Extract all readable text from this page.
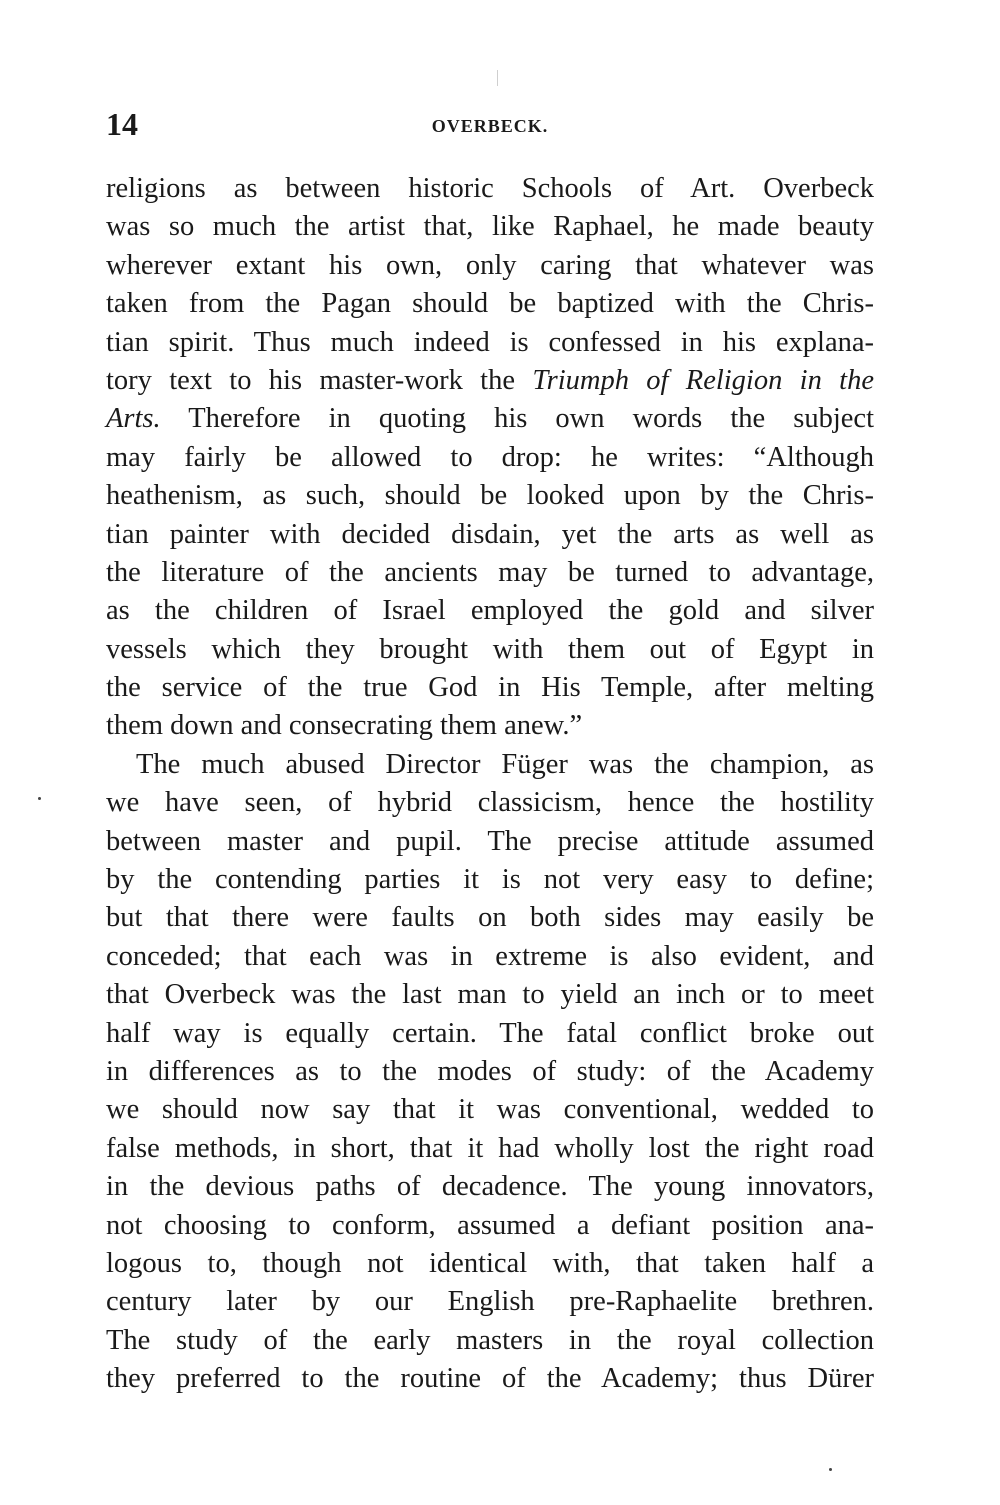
14	OVERBECK.
religions as between historic Schools of Art. Overbeck
was so much the artist that, like Raphael, he made beauty
wherever extant his own, only caring that whatever was
taken from the Pagan should be baptized with the Chris-
tian spirit. Thus much indeed is confessed in his explana-
tory text to his master-work the Triumph of Religion in the
Arts. Therefore in quoting his own words the subject
may fairly be allowed to drop: he writes: “Although
heathenism, as such, should be looked upon by the Chris-
tian painter with decided disdain, yet the arts as well as
the literature of the ancients may be turned to advantage,
as the children of Israel employed the gold and silver
vessels which they brought with them out of Egypt in
the service of the true God in His Temple, after melting
them down and consecrating them anew.”
The much abused Director Füger was the champion, as
we have seen, of hybrid classicism, hence the hostility
between master and pupil. The precise attitude assumed
by the contending parties it is not very easy to define;
but that there were faults on both sides may easily be
conceded; that each was in extreme is also evident, and
that Overbeck was the last man to yield an inch or to meet
half way is equally certain. The fatal conflict broke out
in differences as to the modes of study: of the Academy
we should now say that it was conventional, wedded to
false methods, in short, that it had wholly lost the right road
in the devious paths of decadence. The young innovators,
not choosing to conform, assumed a defiant position ana-
logous to, though not identical with, that taken half a
century later by our English pre-Raphaelite brethren.
The study of the early masters in the royal collection
they preferred to the routine of the Academy; thus Dürer
